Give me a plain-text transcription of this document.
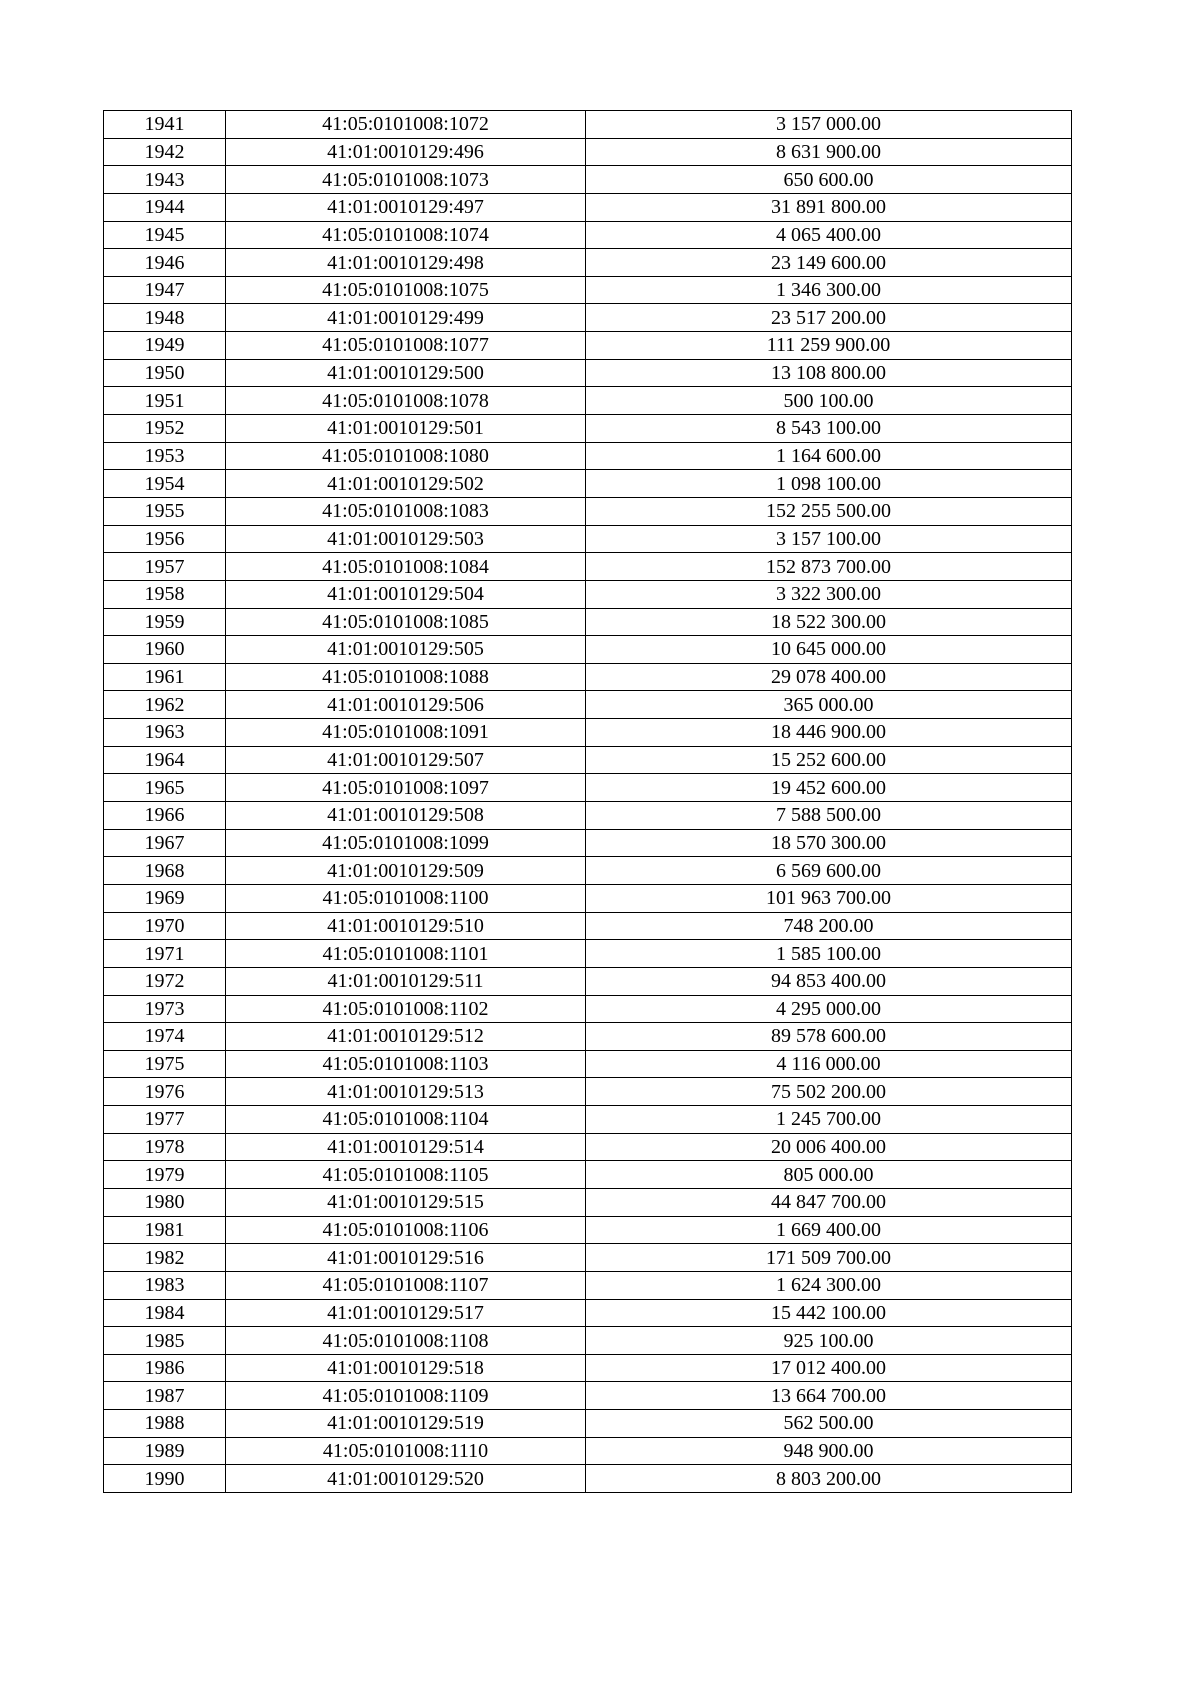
1941	41:05:0101008:1072	3 157 000.00
1942	41:01:0010129:496	8 631 900.00
1943	41:05:0101008:1073	650 600.00
1944	41:01:0010129:497	31 891 800.00
1945	41:05:0101008:1074	4 065 400.00
1946	41:01:0010129:498	23 149 600.00
1947	41:05:0101008:1075	1 346 300.00
1948	41:01:0010129:499	23 517 200.00
1949	41:05:0101008:1077	111 259 900.00
1950	41:01:0010129:500	13 108 800.00
1951	41:05:0101008:1078	500 100.00
1952	41:01:0010129:501	8 543 100.00
1953	41:05:0101008:1080	1 164 600.00
1954	41:01:0010129:502	1 098 100.00
1955	41:05:0101008:1083	152 255 500.00
1956	41:01:0010129:503	3 157 100.00
1957	41:05:0101008:1084	152 873 700.00
1958	41:01:0010129:504	3 322 300.00
1959	41:05:0101008:1085	18 522 300.00
1960	41:01:0010129:505	10 645 000.00
1961	41:05:0101008:1088	29 078 400.00
1962	41:01:0010129:506	365 000.00
1963	41:05:0101008:1091	18 446 900.00
1964	41:01:0010129:507	15 252 600.00
1965	41:05:0101008:1097	19 452 600.00
1966	41:01:0010129:508	7 588 500.00
1967	41:05:0101008:1099	18 570 300.00
1968	41:01:0010129:509	6 569 600.00
1969	41:05:0101008:1100	101 963 700.00
1970	41:01:0010129:510	748 200.00
1971	41:05:0101008:1101	1 585 100.00
1972	41:01:0010129:511	94 853 400.00
1973	41:05:0101008:1102	4 295 000.00
1974	41:01:0010129:512	89 578 600.00
1975	41:05:0101008:1103	4 116 000.00
1976	41:01:0010129:513	75 502 200.00
1977	41:05:0101008:1104	1 245 700.00
1978	41:01:0010129:514	20 006 400.00
1979	41:05:0101008:1105	805 000.00
1980	41:01:0010129:515	44 847 700.00
1981	41:05:0101008:1106	1 669 400.00
1982	41:01:0010129:516	171 509 700.00
1983	41:05:0101008:1107	1 624 300.00
1984	41:01:0010129:517	15 442 100.00
1985	41:05:0101008:1108	925 100.00
1986	41:01:0010129:518	17 012 400.00
1987	41:05:0101008:1109	13 664 700.00
1988	41:01:0010129:519	562 500.00
1989	41:05:0101008:1110	948 900.00
1990	41:01:0010129:520	8 803 200.00
